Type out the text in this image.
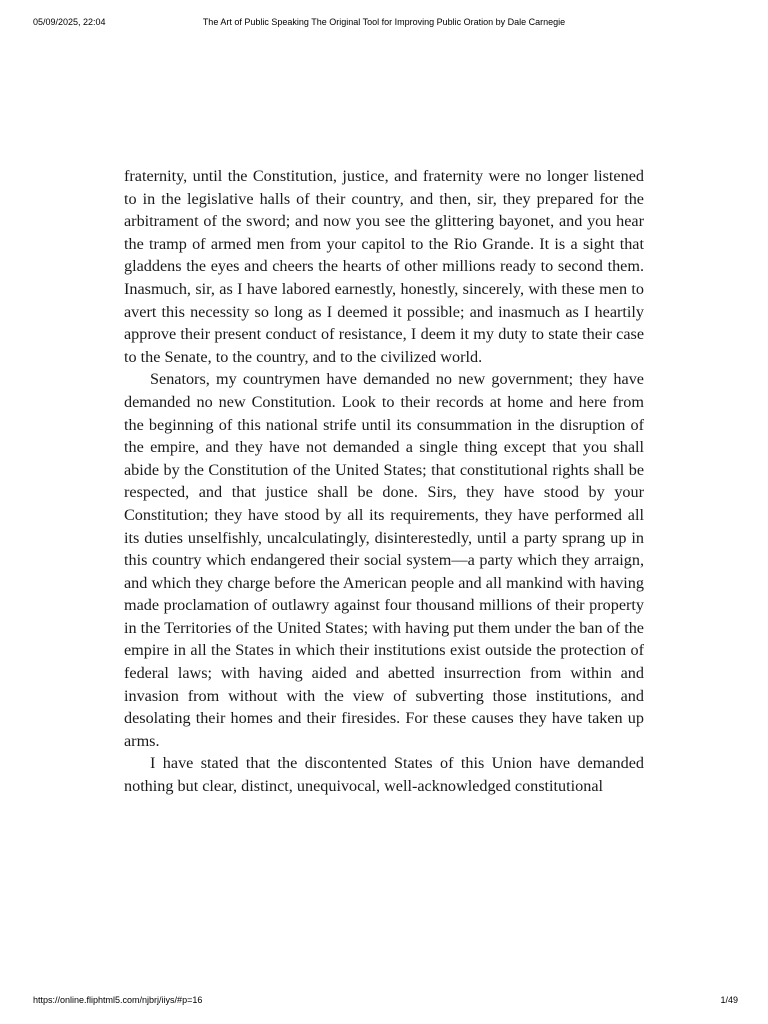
05/09/2025, 22:04	The Art of Public Speaking The Original Tool for Improving Public Oration by Dale Carnegie

fraternity, until the Constitution, justice, and fraternity were no longer listened to in the legislative halls of their country, and then, sir, they prepared for the arbitrament of the sword; and now you see the glittering bayonet, and you hear the tramp of armed men from your capitol to the Rio Grande. It is a sight that gladdens the eyes and cheers the hearts of other millions ready to second them. Inasmuch, sir, as I have labored earnestly, honestly, sincerely, with these men to avert this necessity so long as I deemed it possible; and inasmuch as I heartily approve their present conduct of resistance, I deem it my duty to state their case to the Senate, to the country, and to the civilized world.

Senators, my countrymen have demanded no new government; they have demanded no new Constitution. Look to their records at home and here from the beginning of this national strife until its consummation in the disruption of the empire, and they have not demanded a single thing except that you shall abide by the Constitution of the United States; that constitutional rights shall be respected, and that justice shall be done. Sirs, they have stood by your Constitution; they have stood by all its requirements, they have performed all its duties unselfishly, uncalculatingly, disinterestedly, until a party sprang up in this country which endangered their social system—a party which they arraign, and which they charge before the American people and all mankind with having made proclamation of outlawry against four thousand millions of their property in the Territories of the United States; with having put them under the ban of the empire in all the States in which their institutions exist outside the protection of federal laws; with having aided and abetted insurrection from within and invasion from without with the view of subverting those institutions, and desolating their homes and their firesides. For these causes they have taken up arms.

I have stated that the discontented States of this Union have demanded nothing but clear, distinct, unequivocal, well-acknowledged constitutional

https://online.fliphtml5.com/njbrj/iiys/#p=16	1/49
